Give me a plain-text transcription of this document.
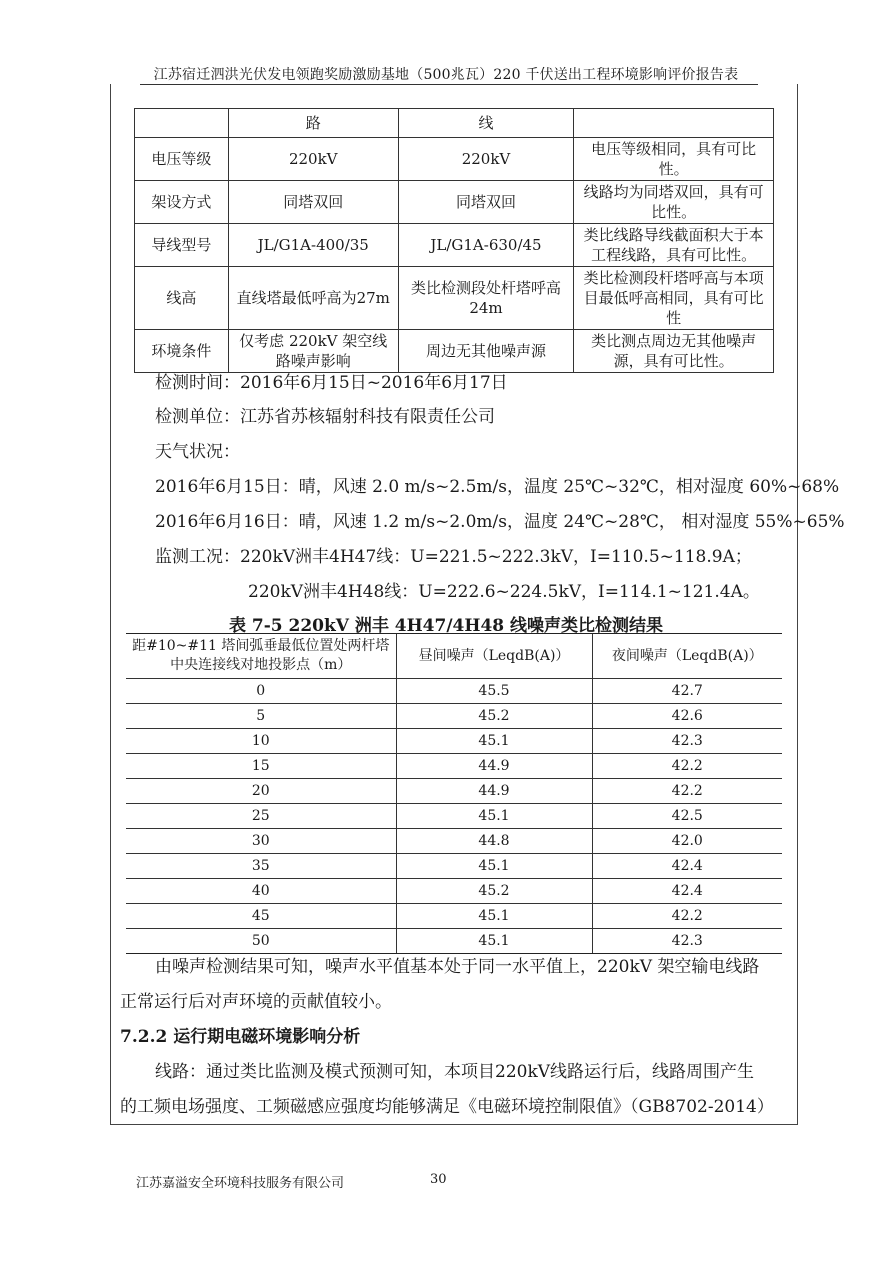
江苏宿迁泗洪光伏发电领跑奖励激励基地（500兆瓦）220 千伏送出工程环境影响评价报告表
	路	线	
电压等级	220kV	220kV	电压等级相同，具有可比性。
架设方式	同塔双回	同塔双回	线路均为同塔双回，具有可比性。
导线型号	JL/G1A-400/35	JL/G1A-630/45	类比线路导线截面积大于本工程线路，具有可比性。
线高	直线塔最低呼高为27m	类比检测段处杆塔呼高24m	类比检测段杆塔呼高与本项目最低呼高相同，具有可比性
环境条件	仅考虑 220kV 架空线路噪声影响	周边无其他噪声源	类比测点周边无其他噪声源，具有可比性。
检测时间：2016年6月15日~2016年6月17日
检测单位：江苏省苏核辐射科技有限责任公司
天气状况：
2016年6月15日：晴，风速 2.0 m/s~2.5m/s，温度 25℃~32℃，相对湿度 60%~68%
2016年6月16日：晴，风速 1.2 m/s~2.0m/s，温度 24℃~28℃， 相对湿度 55%~65%
监测工况：220kV洲丰4H47线：U=221.5~222.3kV，I=110.5~118.9A；
220kV洲丰4H48线：U=222.6~224.5kV，I=114.1~121.4A。
表 7-5 220kV 洲丰 4H47/4H48 线噪声类比检测结果
距#10~#11 塔间弧垂最低位置处两杆塔中央连接线对地投影点（m）	昼间噪声（LeqdB(A)）	夜间噪声（LeqdB(A)）
0	45.5	42.7
5	45.2	42.6
10	45.1	42.3
15	44.9	42.2
20	44.9	42.2
25	45.1	42.5
30	44.8	42.0
35	45.1	42.4
40	45.2	42.4
45	45.1	42.2
50	45.1	42.3
由噪声检测结果可知，噪声水平值基本处于同一水平值上，220kV 架空输电线路
正常运行后对声环境的贡献值较小。
7.2.2 运行期电磁环境影响分析
线路：通过类比监测及模式预测可知，本项目220kV线路运行后，线路周围产生
的工频电场强度、工频磁感应强度均能够满足《电磁环境控制限值》（GB8702-2014）
江苏嘉溢安全环境科技服务有限公司	30
